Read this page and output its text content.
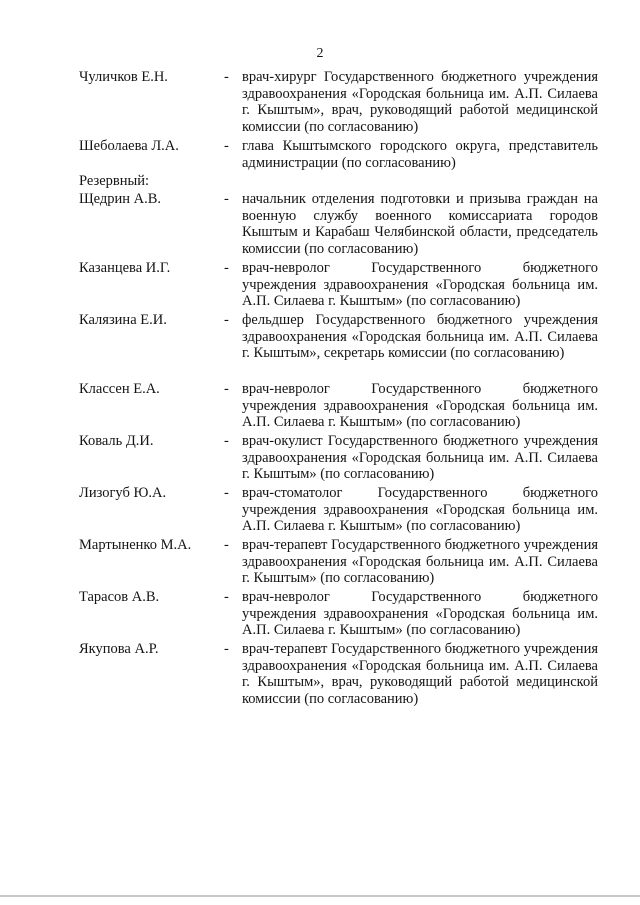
2
Чуличков Е.Н.	- врач-хирург Государственного бюджетного учреждения здравоохранения «Городская больница им. А.П. Силаева г. Кыштым», врач, руководящий работой медицинской комиссии (по согласованию)
Шеболаева Л.А.	- глава Кыштымского городского округа, представитель администрации (по согласованию)
Резервный:
Щедрин А.В.	- начальник отделения подготовки и призыва граждан на военную службу военного комиссариата городов Кыштым и Карабаш Челябинской области, председатель комиссии (по согласованию)
Казанцева И.Г.	- врач-невролог Государственного бюджетного учреждения здравоохранения «Городская больница им. А.П. Силаева г. Кыштым» (по согласованию)
Калязина Е.И.	- фельдшер Государственного бюджетного учреждения здравоохранения «Городская больница им. А.П. Силаева г. Кыштым», секретарь комиссии (по согласованию)
Классен Е.А.	- врач-невролог Государственного бюджетного учреждения здравоохранения «Городская больница им. А.П. Силаева г. Кыштым» (по согласованию)
Коваль Д.И.	- врач-окулист Государственного бюджетного учреждения здравоохранения «Городская больница им. А.П. Силаева г. Кыштым» (по согласованию)
Лизогуб Ю.А.	- врач-стоматолог Государственного бюджетного учреждения здравоохранения «Городская больница им. А.П. Силаева г. Кыштым» (по согласованию)
Мартыненко М.А. - врач-терапевт Государственного бюджетного учреждения здравоохранения «Городская больница им. А.П. Силаева г. Кыштым» (по согласованию)
Тарасов А.В.	- врач-невролог Государственного бюджетного учреждения здравоохранения «Городская больница им. А.П. Силаева г. Кыштым» (по согласованию)
Якупова А.Р.	- врач-терапевт Государственного бюджетного учреждения здравоохранения «Городская больница им. А.П. Силаева г. Кыштым», врач, руководящий работой медицинской комиссии (по согласованию)
